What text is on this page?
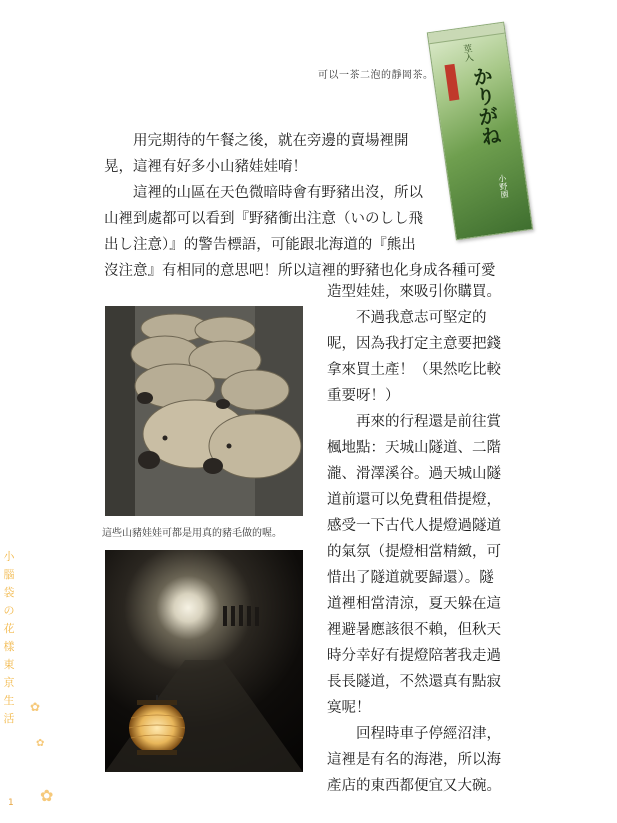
莖入
かりがね
小野園
可以一茶二泡的靜岡茶。
用完期待的午餐之後，就在旁邊的賣場裡開
晃，這裡有好多小山豬娃娃唷！
這裡的山區在天色微暗時會有野豬出沒，所以
山裡到處都可以看到『野豬衝出注意（いのしし飛
出し注意）』的警告標語，可能跟北海道的『熊出
沒注意』有相同的意思吧！所以這裡的野豬也化身成各種可愛
造型娃娃，來吸引你購買。
不過我意志可堅定的
呢，因為我打定主意要把錢
拿來買土產！（果然吃比較
重要呀！）
再來的行程還是前往賞
楓地點：天城山隧道、二階
瀧、滑澤溪谷。過天城山隧
道前還可以免費租借提燈，
感受一下古代人提燈過隧道
的氣氛（提燈相當精緻，可
惜出了隧道就要歸還）。隧
道裡相當清涼，夏天躲在這
裡避暑應該很不賴，但秋天
時分幸好有提燈陪著我走過
長長隧道，不然還真有點寂
寞呢！
回程時車子停經沼津，
這裡是有名的海港，所以海
產店的東西都便宜又大碗。
這些山豬娃娃可都是用真的豬毛做的喔。
小
腦
袋
の
花
樣
東
京
生
活
✿
✿
✿
1
